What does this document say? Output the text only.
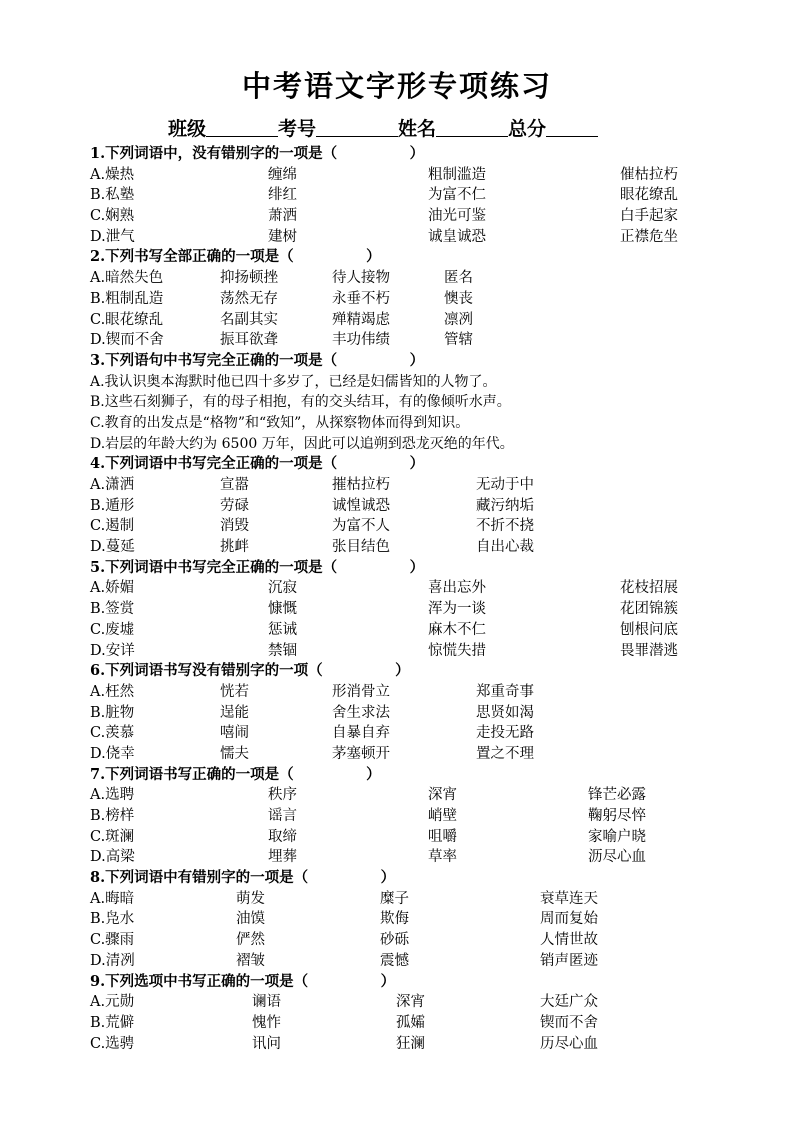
中考语文字形专项练习
班级	考号	姓名	总分
1.下列词语中，没有错别字的一项是（　　　　　）
A.燥热	缠绵	粗制滥造	催枯拉朽
B.私塾	绯红	为富不仁	眼花缭乱
C.娴熟	萧洒	油光可鉴	白手起家
D.泄气	建树	诚皇诚恐	正襟危坐
2.下列书写全部正确的一项是（　　　　　）
A.暗然失色	抑扬顿挫	待人接物	匿名
B.粗制乱造	荡然无存	永垂不朽	懊丧
C.眼花缭乱	名副其实	殚精竭虑	凛冽
D.锲而不舍	振耳欲聋	丰功伟绩	管辖
3.下列语句中书写完全正确的一项是（　　　　　）
A.我认识奥本海默时他已四十多岁了，已经是妇儒皆知的人物了。
B.这些石刻狮子，有的母子相抱，有的交头结耳，有的像倾听水声。
C.教育的出发点是“格物”和“致知”，从探察物体而得到知识。
D.岩层的年龄大约为 6500 万年，因此可以追朔到恐龙灭绝的年代。
4.下列词语中书写完全正确的一项是（　　　　　）
A.潇洒	宣嚣	摧枯拉朽	无动于中
B.遁形	劳碌	诚惶诚恐	藏污纳垢
C.遏制	消毁	为富不人	不折不挠
D.蔓延	挑衅	张目结色	自出心裁
5.下列词语中书写完全正确的一项是（　　　　　）
A.娇媚	沉寂	喜出忘外	花枝招展
B.签赏	慷慨	浑为一谈	花团锦簇
C.废墟	惩诫	麻木不仁	刨根问底
D.安详	禁锢	惊慌失措	畏罪潜逃
6.下列词语书写没有错别字的一项（　　　　　）
A.枉然	恍若	形消骨立	郑重奇事
B.脏物	逞能	舍生求法	思贤如渴
C.羡慕	嘻闹	自暴自弃	走投无路
D.侥幸	懦夫	茅塞顿开	置之不理
7.下列词语书写正确的一项是（　　　　　）
A.选聘	秩序	深宵	锋芒必露
B.榜样	谣言	峭壁	鞠躬尽悴
C.斑澜	取缔	咀嚼	家喻户晓
D.高梁	埋葬	草率	沥尽心血
8.下列词语中有错别字的一项是（　　　　　）
A.晦暗	萌发	糜子	衰草连天
B.凫水	油馍	欺侮	周而复始
C.骤雨	俨然	砂砾	人情世故
D.清冽	褶皱	震憾	销声匿迹
9.下列选项中书写正确的一项是（　　　　　）
A.元勋	谰语	深宵	大廷广众
B.荒僻	愧怍	孤孀	锲而不舍
C.选骋	讯问	狂澜	历尽心血
